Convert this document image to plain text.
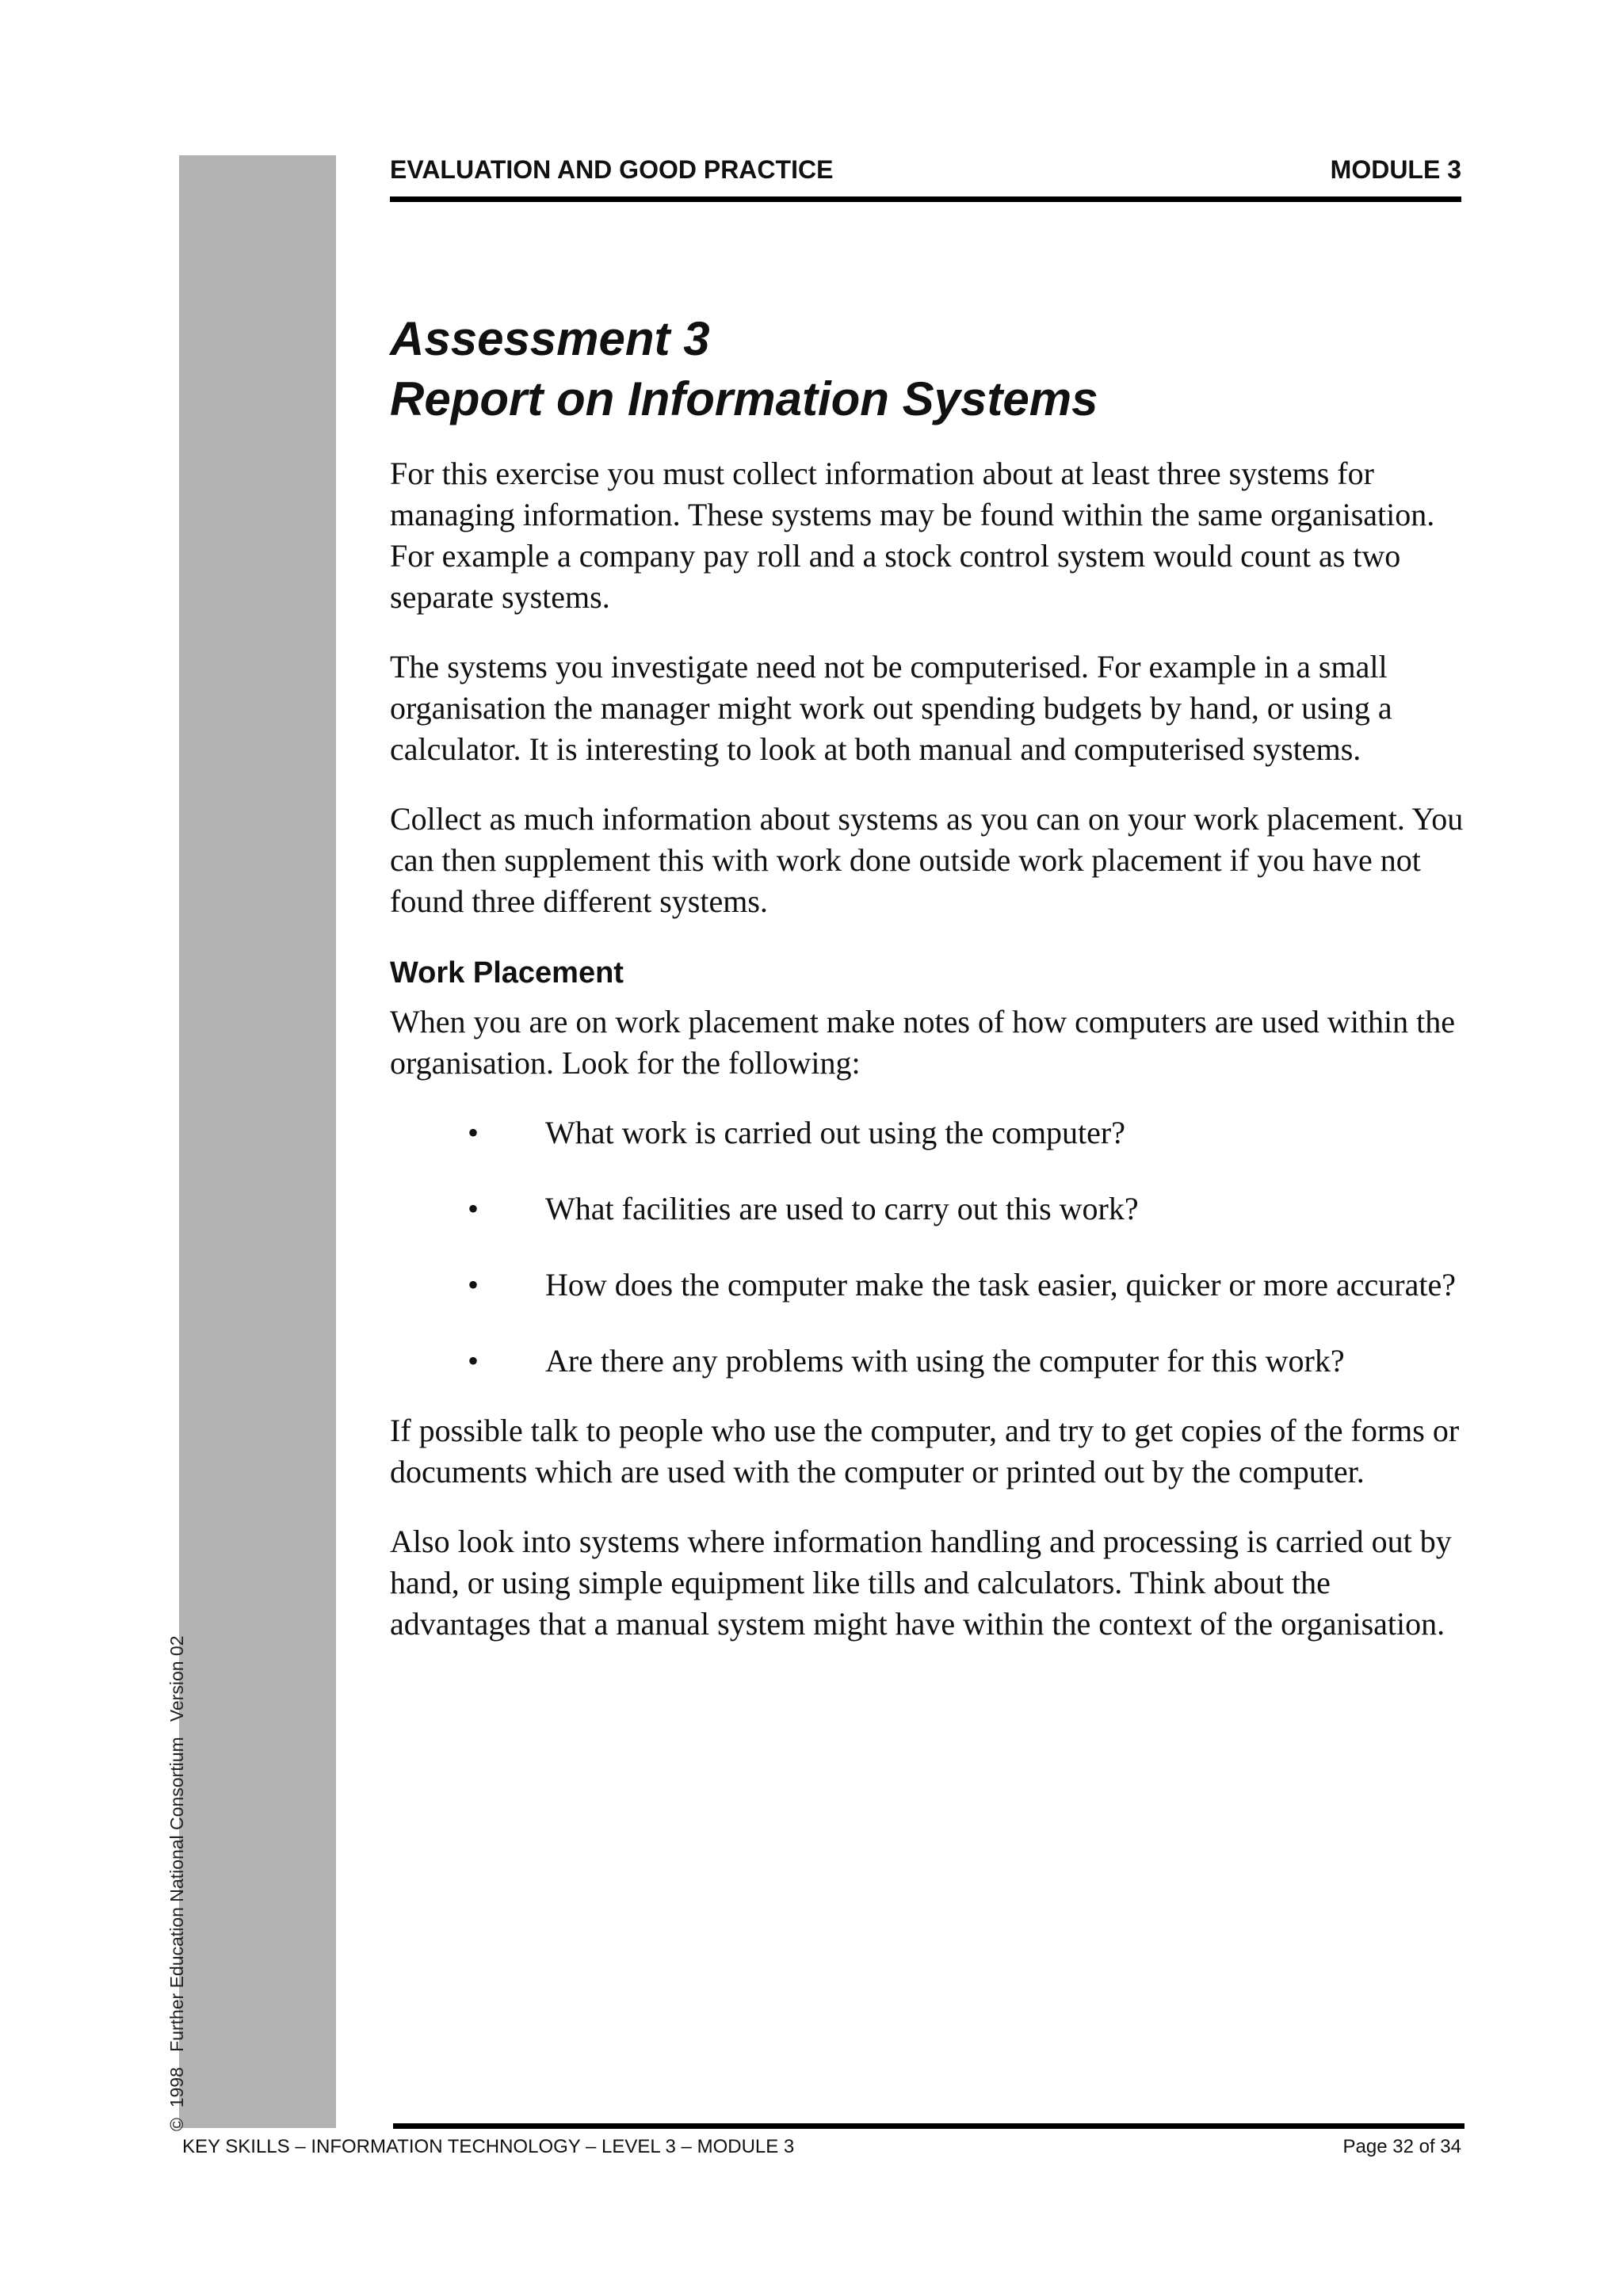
©  1998   Further Education National Consortium   Version 02
EVALUATION AND GOOD PRACTICE	MODULE 3
Assessment 3
Report on Information Systems

For this exercise you must collect information about at least three systems for managing information. These systems may be found within the same organisation. For example a company pay roll and a stock control system would count as two separate systems.

The systems you investigate need not be computerised. For example in a small organisation the manager might work out spending budgets by hand, or using a calculator. It is interesting to look at both manual and computerised systems.

Collect as much information about systems as you can on your work placement. You can then supplement this with work done outside work placement if you have not found three different systems.

Work Placement

When you are on work placement make notes of how computers are used within the organisation. Look for the following:

• What work is carried out using the computer?
• What facilities are used to carry out this work?
• How does the computer make the task easier, quicker or more accurate?
• Are there any problems with using the computer for this work?

If possible talk to people who use the computer, and try to get copies of the forms or documents which are used with the computer or printed out by the computer.

Also look into systems where information handling and processing is carried out by hand, or using simple equipment like tills and calculators. Think about the advantages that a manual system might have within the context of the organisation.

KEY SKILLS – INFORMATION TECHNOLOGY – LEVEL 3 – MODULE 3	Page 32 of 34
